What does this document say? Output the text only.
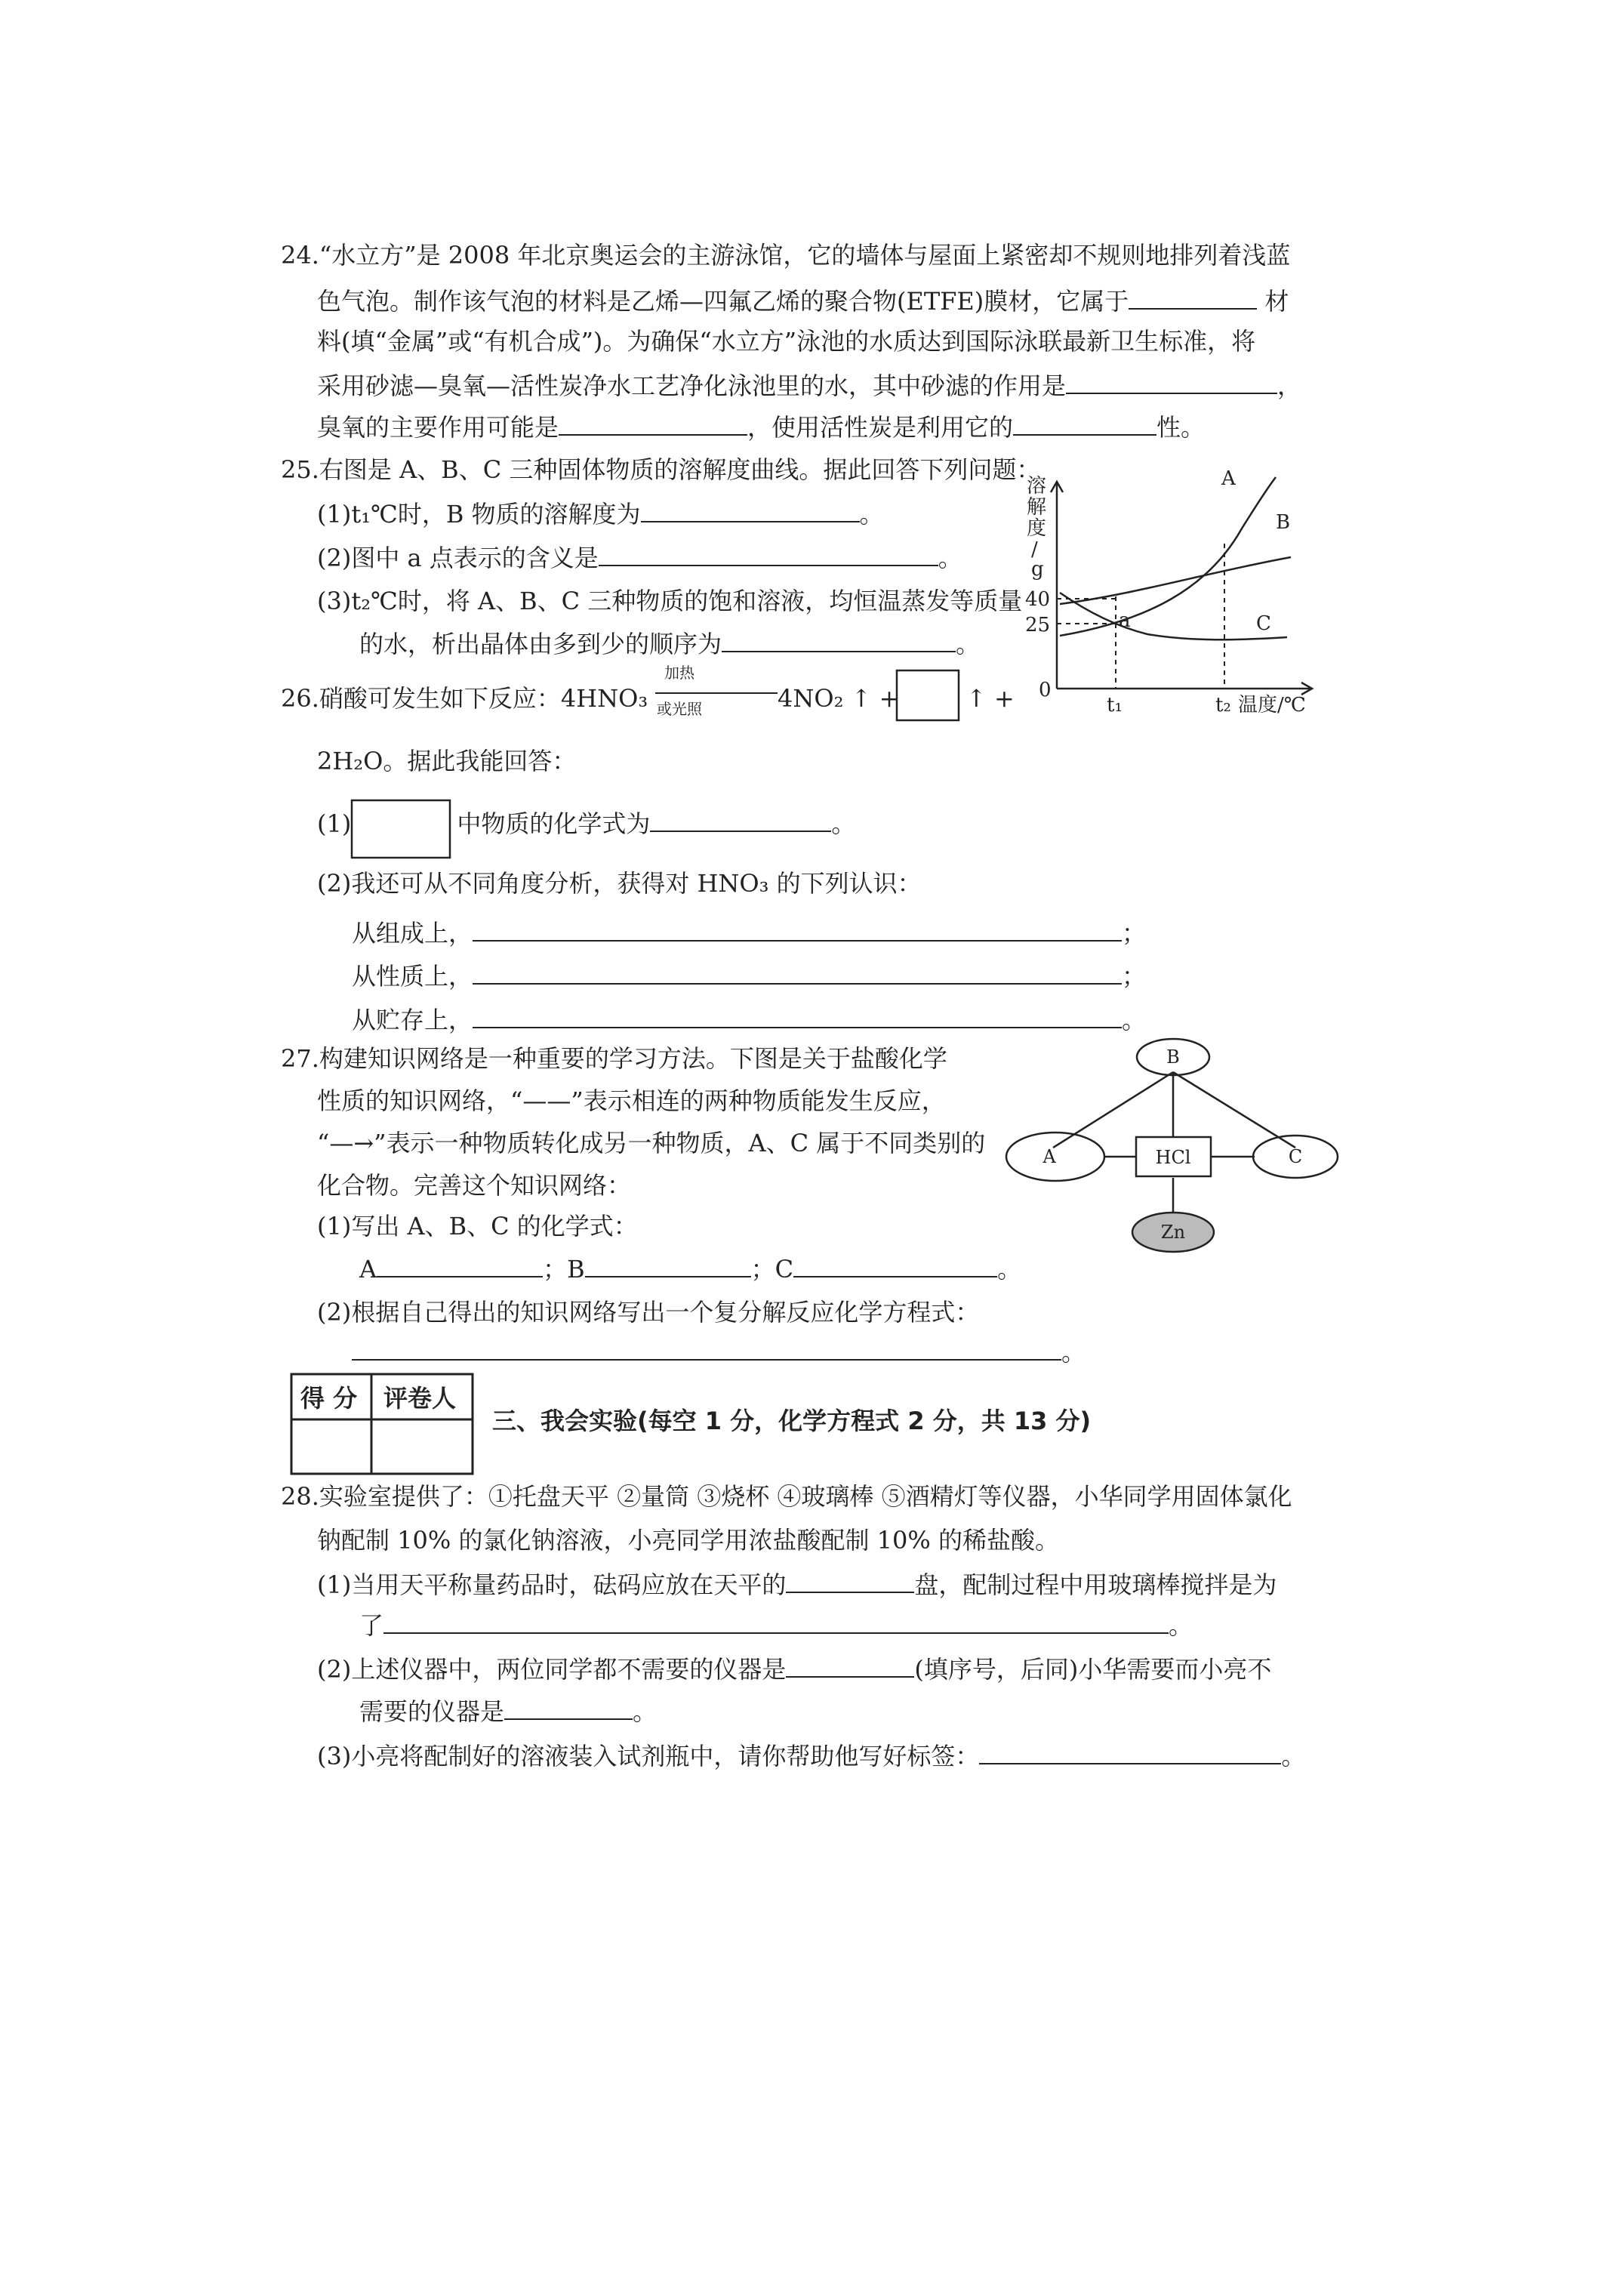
24.“水立方”是 2008 年北京奥运会的主游泳馆，它的墙体与屋面上紧密却不规则地排列着浅蓝
色气泡。制作该气泡的材料是乙烯—四氟乙烯的聚合物(ETFE)膜材，它属于	材
料(填“金属”或“有机合成”)。为确保“水立方”泳池的水质达到国际泳联最新卫生标准，将
采用砂滤—臭氧—活性炭净水工艺净化泳池里的水，其中砂滤的作用是	，
臭氧的主要作用可能是	，使用活性炭是利用它的	性。
25.右图是 A、B、C 三种固体物质的溶解度曲线。据此回答下列问题：
(1)t₁℃时，B 物质的溶解度为	。
(2)图中 a 点表示的含义是	。
(3)t₂℃时，将 A、B、C 三种物质的饱和溶液，均恒温蒸发等质量
的水，析出晶体由多到少的顺序为	。
26.硝酸可发生如下反应：4HNO₃
加热
或光照	4NO₂ ↑ +	↑ +
2H₂O。据此我能回答：
(1)	中物质的化学式为	。
(2)我还可从不同角度分析，获得对 HNO₃ 的下列认识：
从组成上，	；
从性质上，	；
从贮存上，	。
27.构建知识网络是一种重要的学习方法。下图是关于盐酸化学
性质的知识网络，“——”表示相连的两种物质能发生反应，
“—→”表示一种物质转化成另一种物质，A、C 属于不同类别的
化合物。完善这个知识网络：
(1)写出 A、B、C 的化学式：
A	；B	；C	。
(2)根据自己得出的知识网络写出一个复分解反应化学方程式：
。
得 分 评卷人
三、我会实验(每空 1 分，化学方程式 2 分，共 13 分)
28.实验室提供了：①托盘天平 ②量筒 ③烧杯 ④玻璃棒 ⑤酒精灯等仪器，小华同学用固体氯化
钠配制 10% 的氯化钠溶液，小亮同学用浓盐酸配制 10% 的稀盐酸。
(1)当用天平称量药品时，砝码应放在天平的	盘，配制过程中用玻璃棒搅拌是为
了	。
(2)上述仪器中，两位同学都不需要的仪器是	(填序号，后同)小华需要而小亮不
需要的仪器是	。
(3)小亮将配制好的溶液装入试剂瓶中，请你帮助他写好标签：	。
溶
解
度
/
g
40
25
0
t₁	t₂ 温度/℃
A
B
C
a
B
A	HCl	C
Zn
